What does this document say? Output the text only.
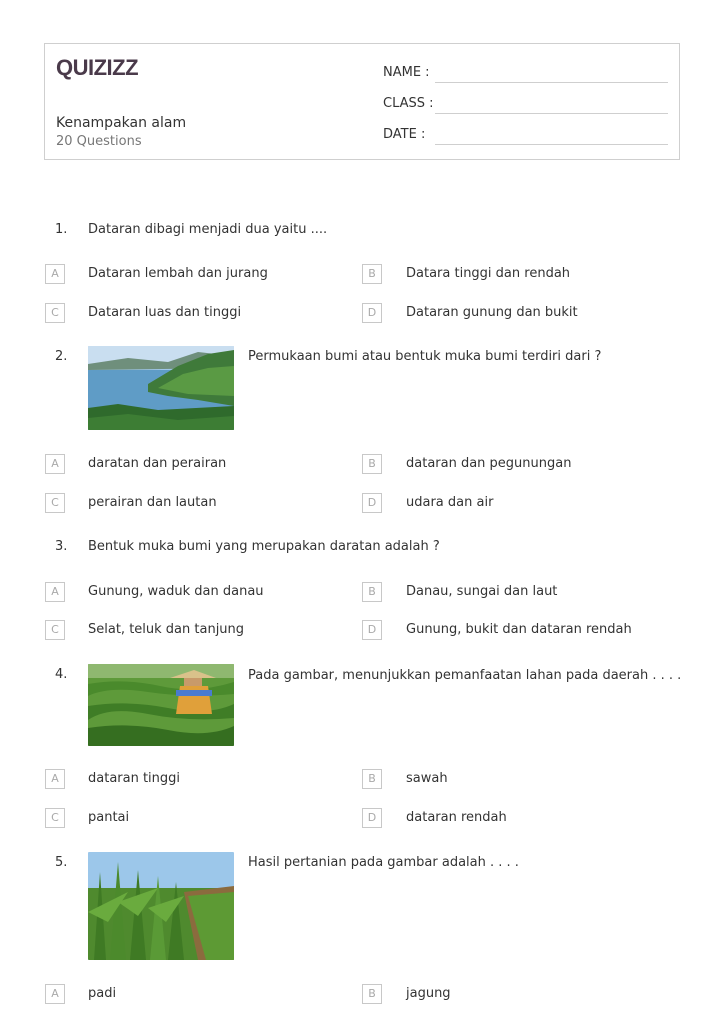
QUIZIZZ
Kenampakan alam
20 Questions
NAME :
CLASS :
DATE :
1. Dataran dibagi menjadi dua yaitu ....
A	Dataran lembah dan jurang	B	Datara tinggi dan rendah
C	Dataran luas dan tinggi	D	Dataran gunung dan bukit
2.	Permukaan bumi atau bentuk muka bumi terdiri dari ?
A	daratan dan perairan	B	dataran dan pegunungan
C	perairan dan lautan	D	udara dan air
3. Bentuk muka bumi yang merupakan daratan adalah ?
A	Gunung, waduk dan danau	B	Danau, sungai dan laut
C	Selat, teluk dan tanjung	D	Gunung, bukit dan dataran rendah
4.	Pada gambar, menunjukkan pemanfaatan lahan pada daerah . . . .
A	dataran tinggi	B	sawah
C	pantai	D	dataran rendah
5.	Hasil pertanian pada gambar adalah . . . .
A	padi	B	jagung
